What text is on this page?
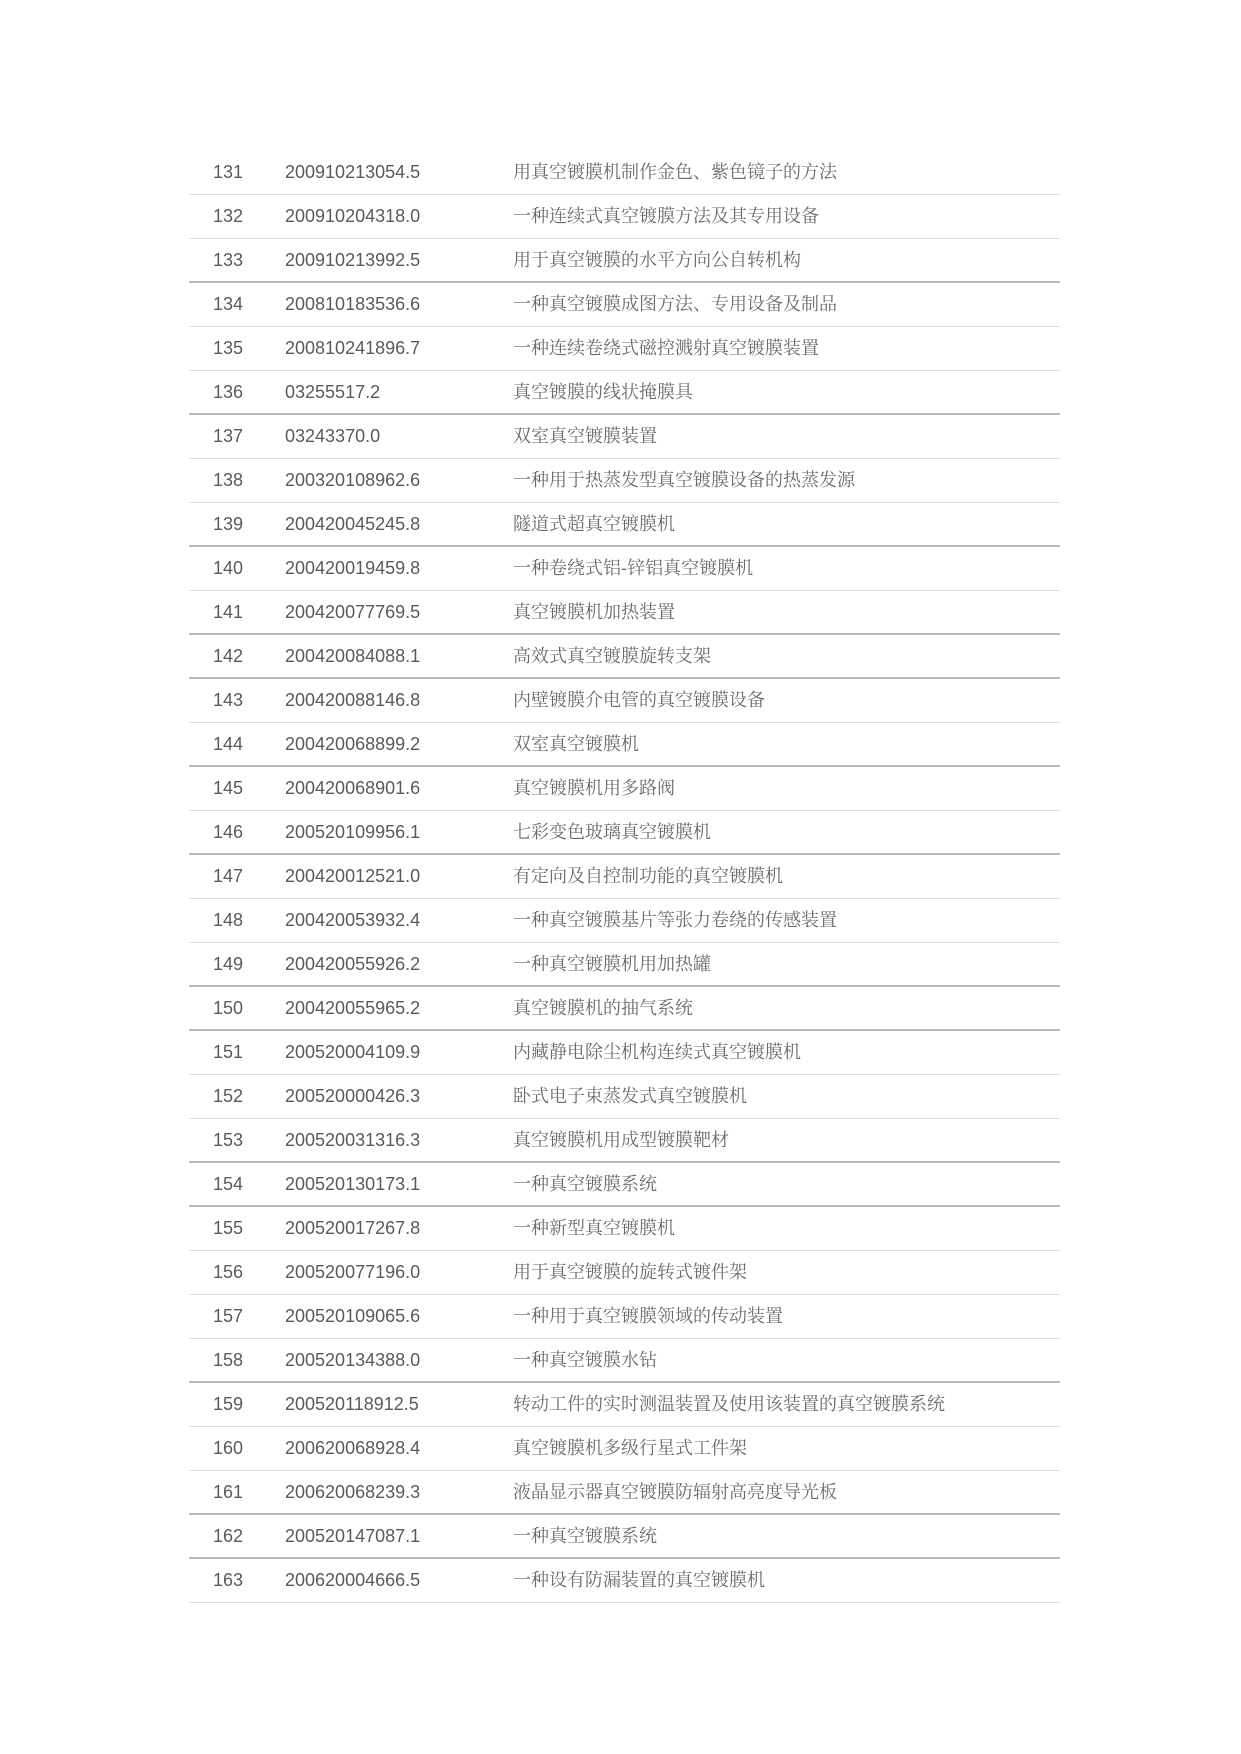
131 200910213054.5	用真空镀膜机制作金色、紫色镜子的方法
132 200910204318.0	一种连续式真空镀膜方法及其专用设备
133 200910213992.5	用于真空镀膜的水平方向公自转机构
134 200810183536.6	一种真空镀膜成图方法、专用设备及制品
135 200810241896.7	一种连续卷绕式磁控溅射真空镀膜装置
136 03255517.2	真空镀膜的线状掩膜具
137 03243370.0	双室真空镀膜装置
138 200320108962.6	一种用于热蒸发型真空镀膜设备的热蒸发源
139 200420045245.8	隧道式超真空镀膜机
140 200420019459.8	一种卷绕式铝-锌铝真空镀膜机
141 200420077769.5	真空镀膜机加热装置
142 200420084088.1	高效式真空镀膜旋转支架
143 200420088146.8	内壁镀膜介电管的真空镀膜设备
144 200420068899.2	双室真空镀膜机
145 200420068901.6	真空镀膜机用多路阀
146 200520109956.1	七彩变色玻璃真空镀膜机
147 200420012521.0	有定向及自控制功能的真空镀膜机
148 200420053932.4	一种真空镀膜基片等张力卷绕的传感装置
149 200420055926.2	一种真空镀膜机用加热罐
150 200420055965.2	真空镀膜机的抽气系统
151 200520004109.9	内藏静电除尘机构连续式真空镀膜机
152 200520000426.3	卧式电子束蒸发式真空镀膜机
153 200520031316.3	真空镀膜机用成型镀膜靶材
154 200520130173.1	一种真空镀膜系统
155 200520017267.8	一种新型真空镀膜机
156 200520077196.0	用于真空镀膜的旋转式镀件架
157 200520109065.6	一种用于真空镀膜领域的传动装置
158 200520134388.0	一种真空镀膜水钻
159 200520118912.5	转动工件的实时测温装置及使用该装置的真空镀膜系统
160 200620068928.4	真空镀膜机多级行星式工件架
161 200620068239.3	液晶显示器真空镀膜防辐射高亮度导光板
162 200520147087.1	一种真空镀膜系统
163 200620004666.5	一种设有防漏装置的真空镀膜机
